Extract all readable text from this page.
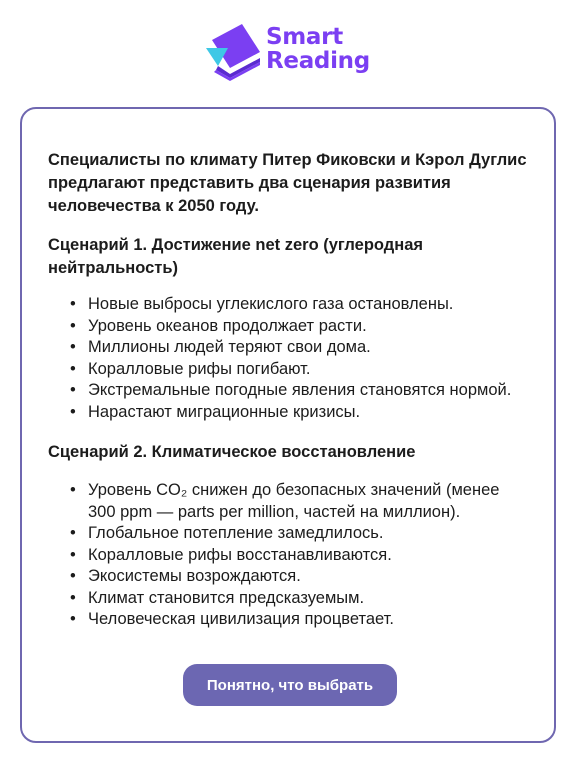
Smart
Reading

Специалисты по климату Питер Фиковски и Кэрол Дуглис предлагают представить два сценария развития человечества к 2050 году.

Сценарий 1. Достижение net zero (углеродная нейтральность)

• Новые выбросы углекислого газа остановлены.
• Уровень океанов продолжает расти.
• Миллионы людей теряют свои дома.
• Коралловые рифы погибают.
• Экстремальные погодные явления становятся нормой.
• Нарастают миграционные кризисы.

Сценарий 2. Климатическое восстановление

• Уровень CO₂ снижен до безопасных значений (менее 300 ppm — parts per million, частей на миллион).
• Глобальное потепление замедлилось.
• Коралловые рифы восстанавливаются.
• Экосистемы возрождаются.
• Климат становится предсказуемым.
• Человеческая цивилизация процветает.
Понятно, что выбрать
